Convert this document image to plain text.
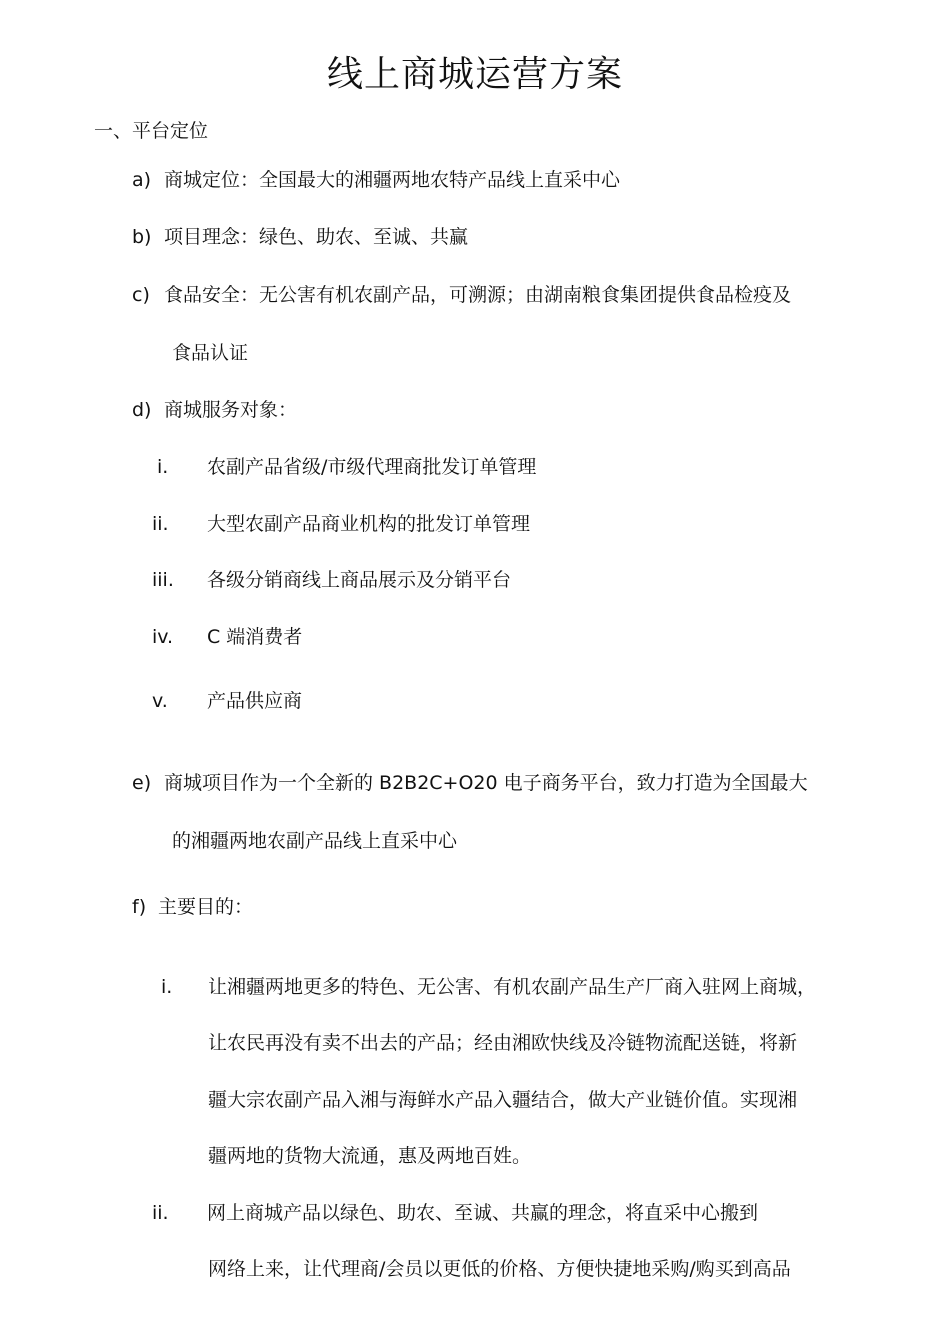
线上商城运营方案
一、平台定位
a) 商城定位：全国最大的湘疆两地农特产品线上直采中心
b) 项目理念：绿色、助农、至诚、共赢
c) 食品安全：无公害有机农副产品，可溯源；由湖南粮食集团提供食品检疫及
食品认证
d) 商城服务对象：
i. 农副产品省级/市级代理商批发订单管理
ii. 大型农副产品商业机构的批发订单管理
iii. 各级分销商线上商品展示及分销平台
iv. C 端消费者
v. 产品供应商
e) 商城项目作为一个全新的 B2B2C+O20 电子商务平台，致力打造为全国最大
的湘疆两地农副产品线上直采中心
f) 主要目的：
i. 让湘疆两地更多的特色、无公害、有机农副产品生产厂商入驻网上商城，
让农民再没有卖不出去的产品；经由湘欧快线及冷链物流配送链，将新
疆大宗农副产品入湘与海鲜水产品入疆结合，做大产业链价值。实现湘
疆两地的货物大流通，惠及两地百姓。
ii. 网上商城产品以绿色、助农、至诚、共赢的理念，将直采中心搬到
网络上来，让代理商/会员以更低的价格、方便快捷地采购/购买到高品
